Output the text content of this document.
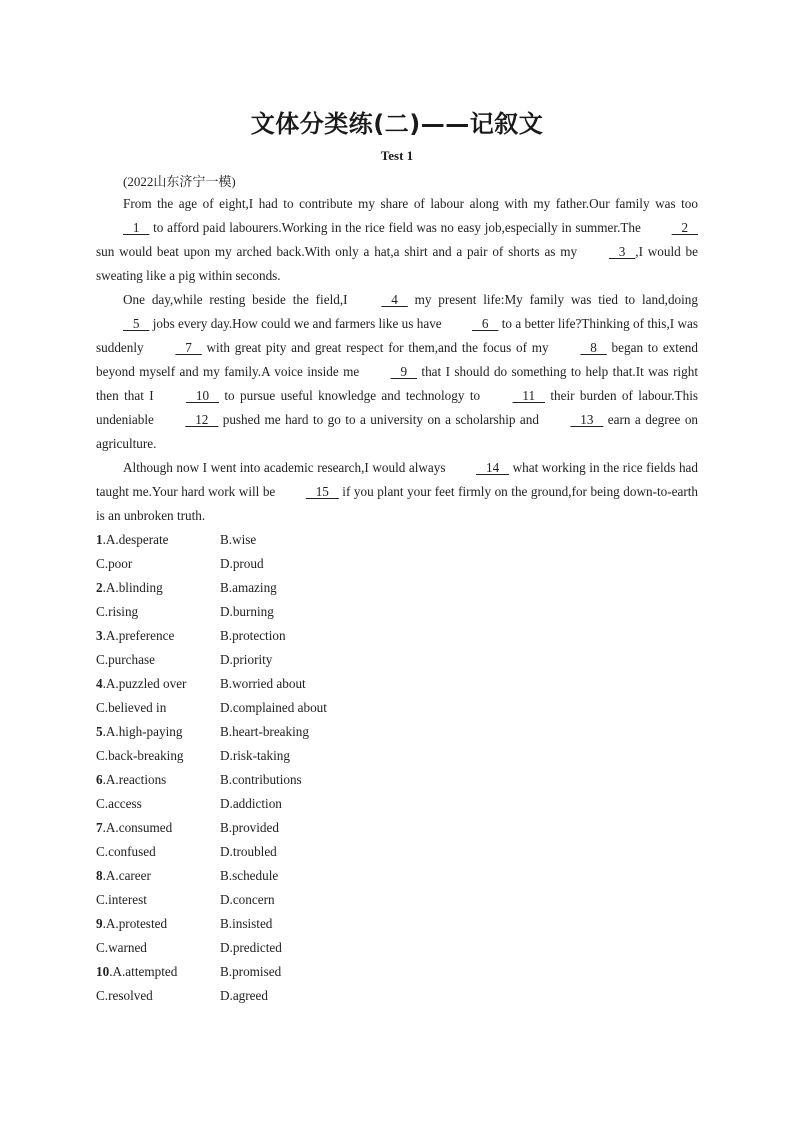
文体分类练(二)——记叙文
Test 1
(2022山东济宁一模)

From the age of eight,I had to contribute my share of labour along with my father.Our family was too    1    to afford paid labourers.Working in the rice field was no easy job,especially in summer.The    2    sun would beat upon my arched back.With only a hat,a shirt and a pair of shorts as my    3   ,I would be sweating like a pig within seconds.

One day,while resting beside the field,I    4    my present life:My family was tied to land,doing    5    jobs every day.How could we and farmers like us have    6    to a better life?Thinking of this,I was suddenly    7    with great pity and great respect for them,and the focus of my    8    began to extend beyond myself and my family.A voice inside me    9    that I should do something to help that.It was right then that I    10    to pursue useful knowledge and technology to    11    their burden of labour.This undeniable    12    pushed me hard to go to a university on a scholarship and    13    earn a degree on agriculture.

Although now I went into academic research,I would always    14    what working in the rice fields had taught me.Your hard work will be    15    if you plant your feet firmly on the ground,for being down-to-earth is an unbroken truth.

1.A.desperate	B.wise
C.poor	D.proud
2.A.blinding	B.amazing
C.rising	D.burning
3.A.preference	B.protection
C.purchase	D.priority
4.A.puzzled over	B.worried about
C.believed in	D.complained about
5.A.high-paying	B.heart-breaking
C.back-breaking	D.risk-taking
6.A.reactions	B.contributions
C.access	D.addiction
7.A.consumed	B.provided
C.confused	D.troubled
8.A.career	B.schedule
C.interest	D.concern
9.A.protested	B.insisted
C.warned	D.predicted
10.A.attempted	B.promised
C.resolved	D.agreed
